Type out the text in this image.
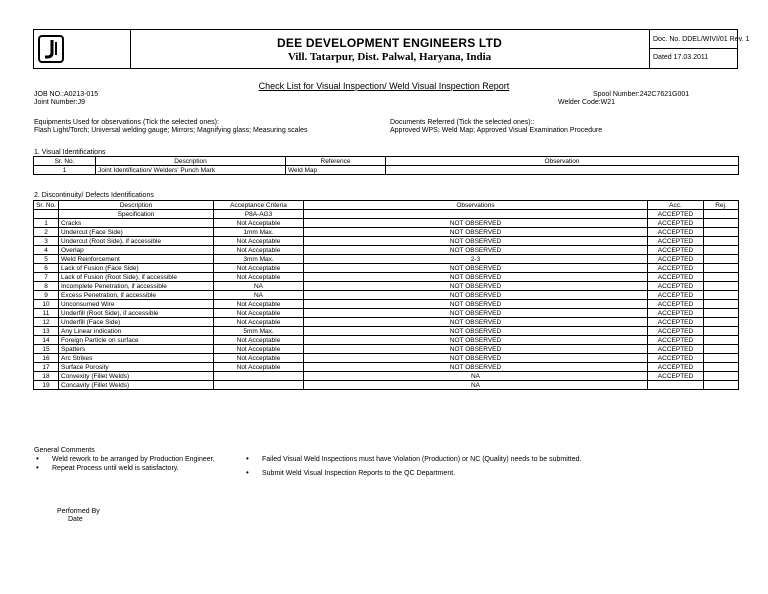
DEE DEVELOPMENT ENGINEERS LTD
Vill. Tatarpur, Dist. Palwal, Haryana, India
Doc. No. DDEL/WIVI/01 Rev. 1
Dated 17.03.2011
Check List for Visual Inspection/ Weld Visual Inspection Report
JOB NO.:A0213-015
Joint Number:J9
Spool Number:242C7621G001
Welder Code:W21
Equipments Used for observations (Tick the selected ones):
Flash Light/Torch; Universal welding gauge; Mirrors; Magnifying glass; Measuring scales
Documents Referred (Tick the selected ones)::
Approved WPS; Weld Map; Approved Visual Examination Procedure
1. Visual Identifications
Sr. No.	Description	Reference	Observation
1	Joint Identification/ Welders' Punch Mark	Weld Map	
2. Discontinuity/ Defects Identifications
Sr. No.	Description	Acceptance Criteria	Observations	Acc.	Rej.
	Specification	P8A-AG3		ACCEPTED	
1	Cracks	Not Acceptable	NOT OBSERVED	ACCEPTED	
2	Undercut (Face Side)	1mm Max.	NOT OBSERVED	ACCEPTED	
3	Undercut (Root Side), if accessible	Not Acceptable	NOT OBSERVED	ACCEPTED	
4	Overlap	Not Acceptable	NOT OBSERVED	ACCEPTED	
5	Weld Reinforcement	3mm Max.	2-3	ACCEPTED	
6	Lack of Fusion (Face Side)	Not Acceptable	NOT OBSERVED	ACCEPTED	
7	Lack of Fusion (Root Side), if accessible	Not Acceptable	NOT OBSERVED	ACCEPTED	
8	Incomplete Penetration, if accessible	NA	NOT OBSERVED	ACCEPTED	
9	Excess Penetration, if accessible	NA	NOT OBSERVED	ACCEPTED	
10	Unconsumed Wire	Not Acceptable	NOT OBSERVED	ACCEPTED	
11	Underfill (Root Side), if accessible	Not Acceptable	NOT OBSERVED	ACCEPTED	
12	Underfill (Face Side)	Not Acceptable	NOT OBSERVED	ACCEPTED	
13	Any Linear indication	5mm Max.	NOT OBSERVED	ACCEPTED	
14	Foreign Particle on surface	Not Acceptable	NOT OBSERVED	ACCEPTED	
15	Spatters	Not Acceptable	NOT OBSERVED	ACCEPTED	
16	Arc Strikes	Not Acceptable	NOT OBSERVED	ACCEPTED	
17	Surface Porosity	Not Acceptable	NOT OBSERVED	ACCEPTED	
18	Convexity (Fillet Welds)		NA	ACCEPTED	
19	Concavity (Fillet Welds)		NA		
General Comments
• Weld rework to be arranged by Production Engineer.
• Repeat Process until weld is satisfactory.
• Failed Visual Weld Inspections must have Violation (Production) or NC (Quality) needs to be submitted.
• Submit Weld Visual Inspection Reports to the QC Department.
Performed By
Date
